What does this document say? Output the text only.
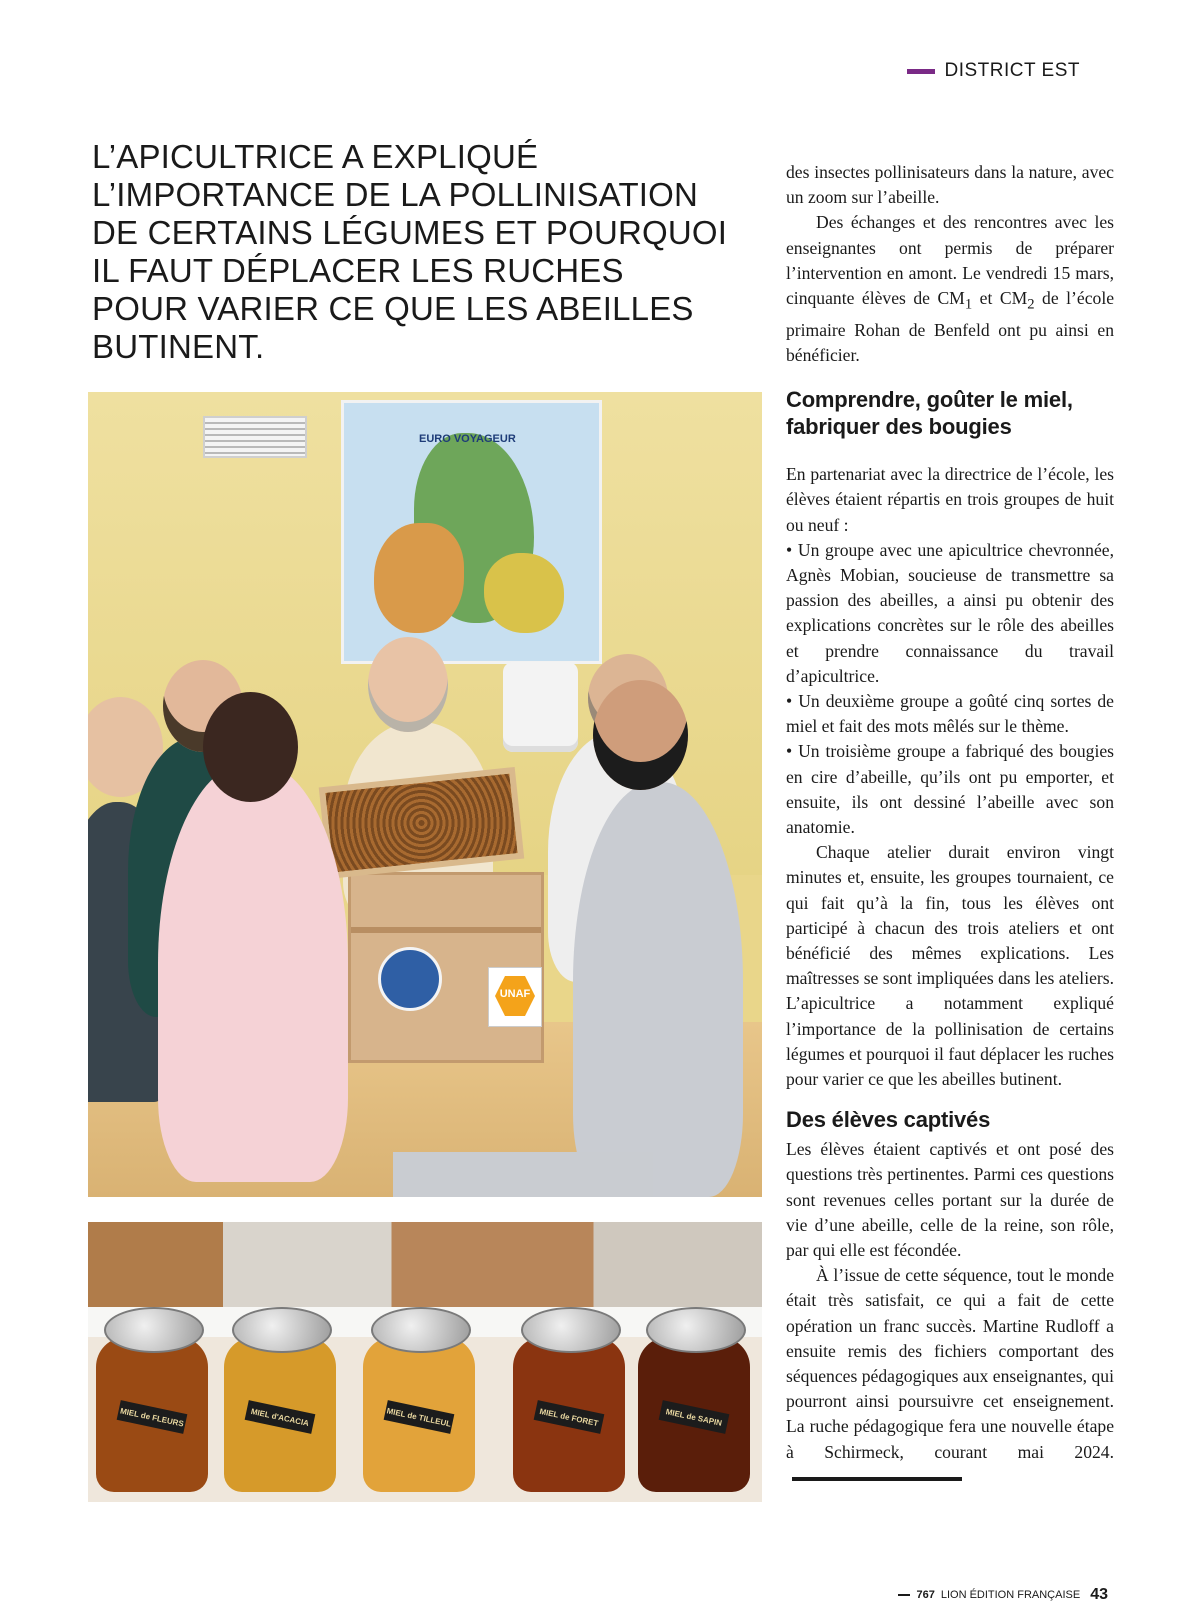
DISTRICT EST
L’APICULTRICE A EXPLIQUÉ
L’IMPORTANCE DE LA POLLINISATION
DE CERTAINS LÉGUMES ET POURQUOI
IL FAUT DÉPLACER LES RUCHES
POUR VARIER CE QUE LES ABEILLES
BUTINENT.
EURO VOYAGEUR
UNAF
MIEL de FLEURS	MIEL d'ACACIA	MIEL de TILLEUL	MIEL de FORET	MIEL de SAPIN

des insectes pollinisateurs dans la nature, avec un zoom sur l’abeille.

Des échanges et des rencontres avec les enseignantes ont permis de préparer l’intervention en amont. Le vendredi 15 mars, cinquante élèves de $CM_1$ et $CM_2$ de l’école primaire Rohan de Benfeld ont pu ainsi en bénéficier.

Comprendre, goûter le miel,
fabriquer des bougies

En partenariat avec la directrice de l’école, les élèves étaient répartis en trois groupes de huit ou neuf :

• Un groupe avec une apicultrice chevronnée, Agnès Mobian, soucieuse de transmettre sa passion des abeilles, a ainsi pu obtenir des explications concrètes sur le rôle des abeilles et prendre connaissance du travail d’apicultrice.
• Un deuxième groupe a goûté cinq sortes de miel et fait des mots mêlés sur le thème.
• Un troisième groupe a fabriqué des bougies en cire d’abeille, qu’ils ont pu emporter, et ensuite, ils ont dessiné l’abeille avec son anatomie.

Chaque atelier durait environ vingt minutes et, ensuite, les groupes tournaient, ce qui fait qu’à la fin, tous les élèves ont participé à chacun des trois ateliers et ont bénéficié des mêmes explications. Les maîtresses se sont impliquées dans les ateliers. L’apicultrice a notamment expliqué l’importance de la pollinisation de certains légumes et pourquoi il faut déplacer les ruches pour varier ce que les abeilles butinent.

Des élèves captivés

Les élèves étaient captivés et ont posé des questions très pertinentes. Parmi ces questions sont revenues celles portant sur la durée de vie d’une abeille, celle de la reine, son rôle, par qui elle est fécondée.

À l’issue de cette séquence, tout le monde était très satisfait, ce qui a fait de cette opération un franc succès. Martine Rudloff a ensuite remis des fichiers comportant des séquences pédagogiques aux enseignantes, qui pourront ainsi poursuivre cet enseignement. La ruche pédagogique fera une nouvelle étape à Schirmeck, courant mai 2024.

767 LION ÉDITION FRANÇAISE 43
